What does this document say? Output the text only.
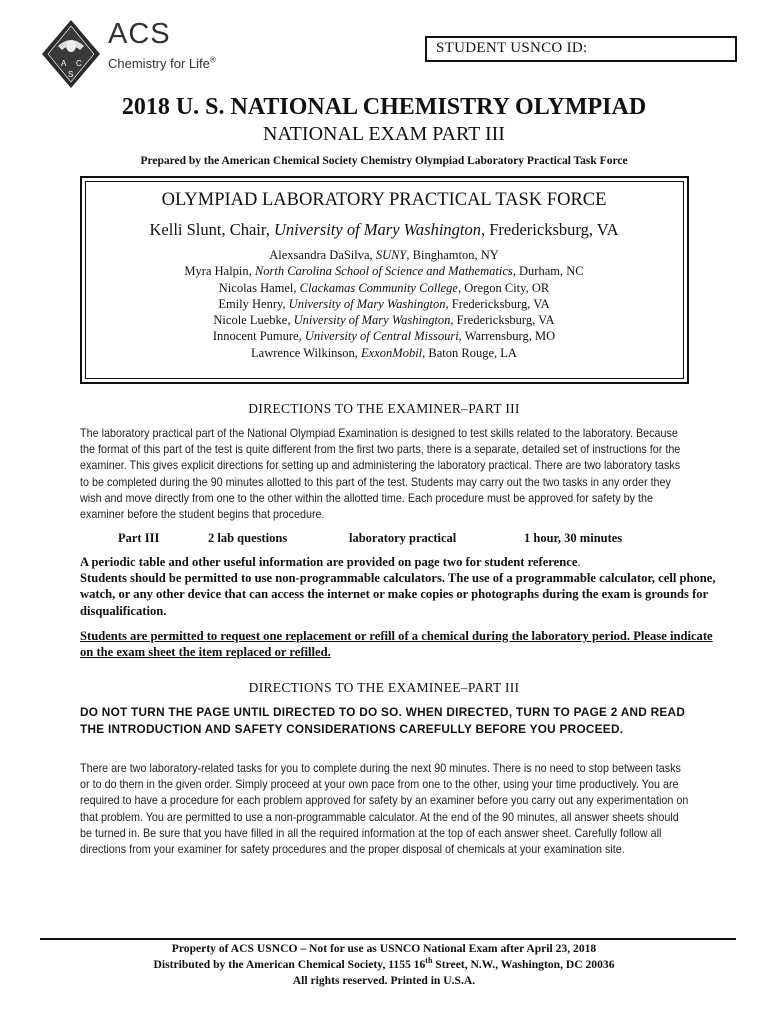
A C
S
ACS
Chemistry for Life®
STUDENT USNCO ID:
2018 U. S. NATIONAL CHEMISTRY OLYMPIAD
NATIONAL EXAM PART III
Prepared by the American Chemical Society Chemistry Olympiad Laboratory Practical Task Force
OLYMPIAD LABORATORY PRACTICAL TASK FORCE
Kelli Slunt, Chair, University of Mary Washington, Fredericksburg, VA
Alexsandra DaSilva, SUNY, Binghamton, NY
Myra Halpin, North Carolina School of Science and Mathematics, Durham, NC
Nicolas Hamel, Clackamas Community College, Oregon City, OR
Emily Henry, University of Mary Washington, Fredericksburg, VA
Nicole Luebke, University of Mary Washington, Fredericksburg, VA
Innocent Pumure, University of Central Missouri, Warrensburg, MO
Lawrence Wilkinson, ExxonMobil, Baton Rouge, LA
DIRECTIONS TO THE EXAMINER–PART III
The laboratory practical part of the National Olympiad Examination is designed to test skills related to the laboratory. Because the format of this part of the test is quite different from the first two parts, there is a separate, detailed set of instructions for the examiner. This gives explicit directions for setting up and administering the laboratory practical. There are two laboratory tasks to be completed during the 90 minutes allotted to this part of the test. Students may carry out the two tasks in any order they wish and move directly from one to the other within the allotted time. Each procedure must be approved for safety by the examiner before the student begins that procedure.
Part III	2 lab questions	laboratory practical	1 hour, 30 minutes
A periodic table and other useful information are provided on page two for student reference.
Students should be permitted to use non-programmable calculators. The use of a programmable calculator, cell phone, watch, or any other device that can access the internet or make copies or photographs during the exam is grounds for disqualification.
Students are permitted to request one replacement or refill of a chemical during the laboratory period. Please indicate on the exam sheet the item replaced or refilled.
DIRECTIONS TO THE EXAMINEE–PART III
DO NOT TURN THE PAGE UNTIL DIRECTED TO DO SO. WHEN DIRECTED, TURN TO PAGE 2 AND READ THE INTRODUCTION AND SAFETY CONSIDERATIONS CAREFULLY BEFORE YOU PROCEED.
There are two laboratory-related tasks for you to complete during the next 90 minutes. There is no need to stop between tasks or to do them in the given order. Simply proceed at your own pace from one to the other, using your time productively. You are required to have a procedure for each problem approved for safety by an examiner before you carry out any experimentation on that problem. You are permitted to use a non-programmable calculator. At the end of the 90 minutes, all answer sheets should be turned in. Be sure that you have filled in all the required information at the top of each answer sheet. Carefully follow all directions from your examiner for safety procedures and the proper disposal of chemicals at your examination site.
Property of ACS USNCO – Not for use as USNCO National Exam after April 23, 2018
Distributed by the American Chemical Society, 1155 16th Street, N.W., Washington, DC 20036
All rights reserved. Printed in U.S.A.
